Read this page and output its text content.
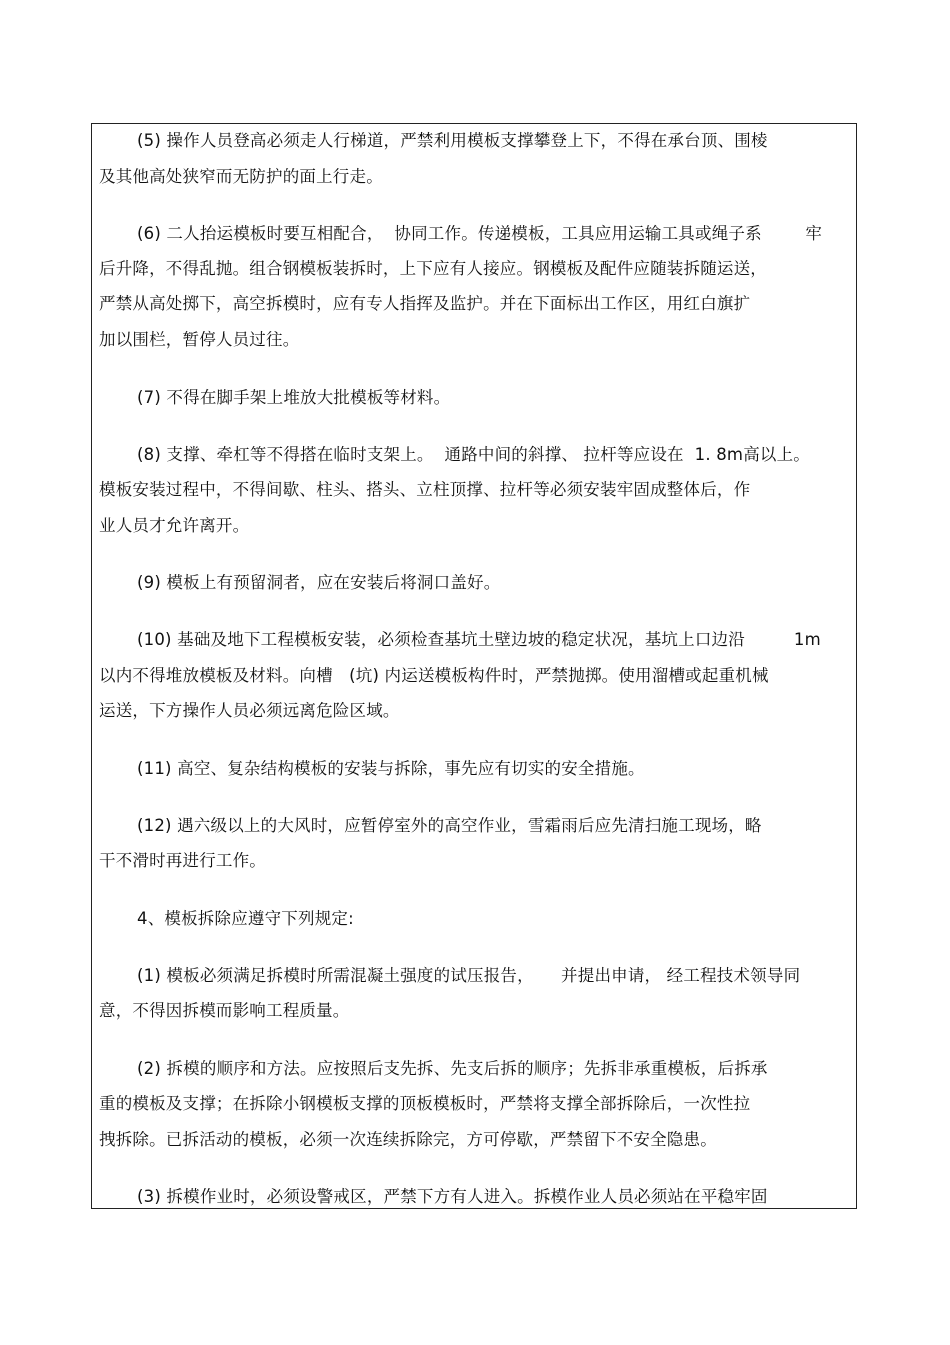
(5) 操作人员登高必须走人行梯道，严禁利用模板支撑攀登上下，不得在承台顶、围棱
及其他高处狭窄而无防护的面上行走。
(6) 二人抬运模板时要互相配合，  协同工作。传递模板，工具应用运输工具或绳子系        牢
后升降，不得乱抛。组合钢模板装拆时，上下应有人接应。钢模板及配件应随装拆随运送，
严禁从高处掷下，高空拆模时，应有专人指挥及监护。并在下面标出工作区，用红白旗扩
加以围栏，暂停人员过往。
(7) 不得在脚手架上堆放大批模板等材料。
(8) 支撑、牵杠等不得搭在临时支架上。  通路中间的斜撑、 拉杆等应设在  1. 8m高以上。
模板安装过程中，不得间歇、柱头、搭头、立柱顶撑、拉杆等必须安装牢固成整体后，作
业人员才允许离开。
(9) 模板上有预留洞者，应在安装后将洞口盖好。
(10) 基础及地下工程模板安装，必须检查基坑土壁边坡的稳定状况，基坑上口边沿         1m
以内不得堆放模板及材料。向槽   (坑) 内运送模板构件时，严禁抛掷。使用溜槽或起重机械
运送，下方操作人员必须远离危险区域。
(11) 高空、复杂结构模板的安装与拆除，事先应有切实的安全措施。
(12) 遇六级以上的大风时，应暂停室外的高空作业，雪霜雨后应先清扫施工现场，略
干不滑时再进行工作。
4、模板拆除应遵守下列规定:
(1) 模板必须满足拆模时所需混凝土强度的试压报告，     并提出申请， 经工程技术领导同
意，不得因拆模而影响工程质量。
(2) 拆模的顺序和方法。应按照后支先拆、先支后拆的顺序；先拆非承重模板，后拆承
重的模板及支撑；在拆除小钢模板支撑的顶板模板时，严禁将支撑全部拆除后，一次性拉
拽拆除。已拆活动的模板，必须一次连续拆除完，方可停歇，严禁留下不安全隐患。
(3) 拆模作业时，必须设警戒区，严禁下方有人进入。拆模作业人员必须站在平稳牢固
